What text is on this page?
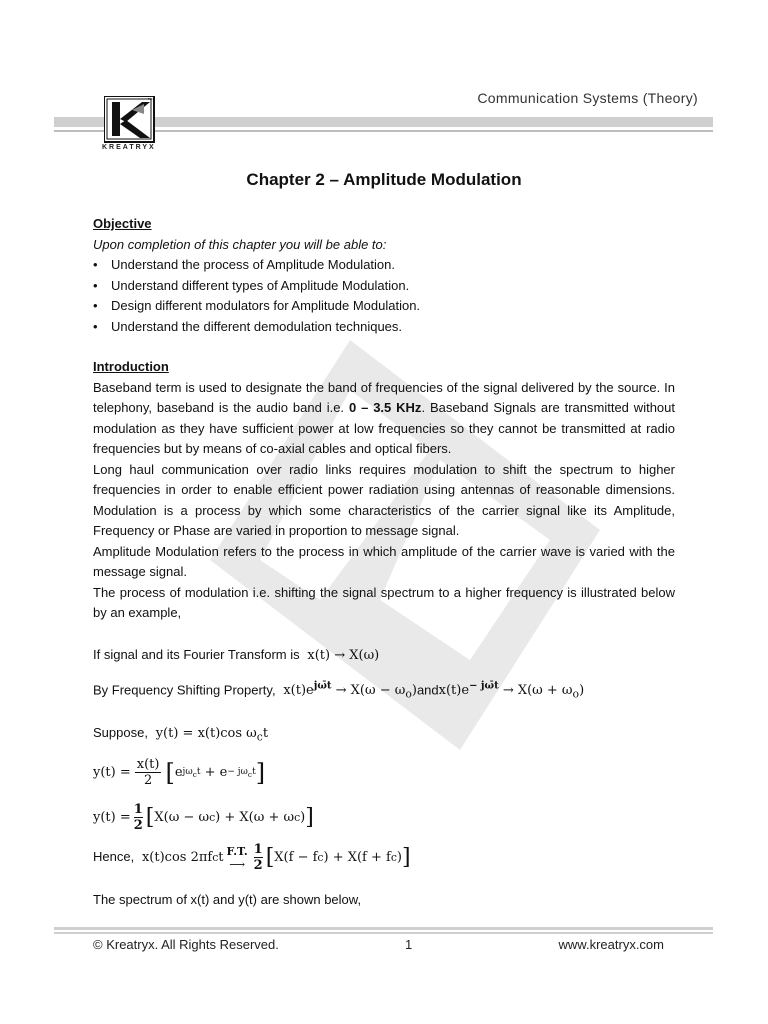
Communication Systems (Theory)
TM
KREATRYX
Chapter 2 – Amplitude Modulation
Objective
Upon completion of this chapter you will be able to:
• Understand the process of Amplitude Modulation.
• Understand different types of Amplitude Modulation.
• Design different modulators for Amplitude Modulation.
• Understand the different demodulation techniques.
Introduction
Baseband term is used to designate the band of frequencies of the signal delivered by the source. In telephony, baseband is the audio band i.e. 0 – 3.5 KHz. Baseband Signals are transmitted without modulation as they have sufficient power at low frequencies so they cannot be transmitted at radio frequencies but by means of co-axial cables and optical fibers.
Long haul communication over radio links requires modulation to shift the spectrum to higher frequencies in order to enable efficient power radiation using antennas of reasonable dimensions. Modulation is a process by which some characteristics of the carrier signal like its Amplitude, Frequency or Phase are varied in proportion to message signal.
Amplitude Modulation refers to the process in which amplitude of the carrier wave is varied with the message signal.
The process of modulation i.e. shifting the signal spectrum to a higher frequency is illustrated below by an example,
If signal and its Fourier Transform is  x(t) → X(ω)
By Frequency Shifting Property,  $x(t)e^{j\omegāt} \to X(\omega$ − $\omega_o)andx(t)e^{- j\omegāt} \to X(\omega + \omega_o)$
Suppose,  y(t) = x(t)cos $\omega_ct$
y(t) =
x(t)
2 [ e $j\omega_ct + e - j\omega_ct$ ]
y(t) =
1
2 [ X(ω − ω c ) + X(ω + ω c ) ]
Hence,  x(t)cos 2πf c t F.T.
⟶
1
2 [ X(f − f c ) + X(f + f c ) ]
The spectrum of x(t) and y(t) are shown below,
© Kreatryx. All Rights Reserved.	1	www.kreatryx.com
